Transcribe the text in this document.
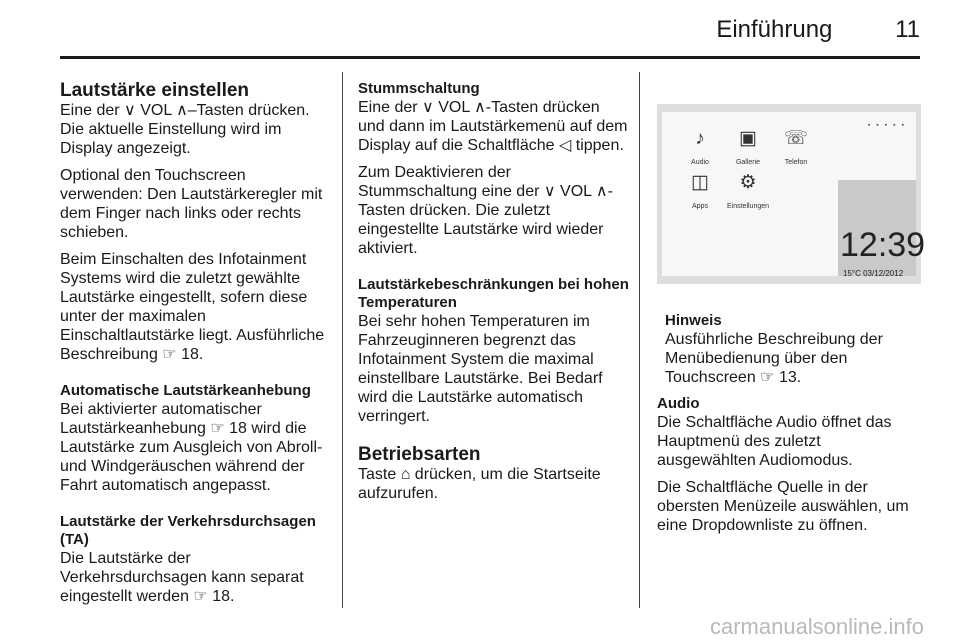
Einführung	11
Lautstärke einstellen

Eine der ∨ VOL ∧–Tasten drücken. Die aktuelle Einstellung wird im Display angezeigt.

Optional den Touchscreen verwenden: Den Lautstärkeregler mit dem Finger nach links oder rechts schieben.

Beim Einschalten des Infotainment Systems wird die zuletzt gewählte Lautstärke eingestellt, sofern diese unter der maximalen Einschaltlautstärke liegt. Ausführliche Beschreibung ☞ 18.

Automatische Lautstärkeanhebung

Bei aktivierter automatischer Lautstärkeanhebung ☞ 18 wird die Lautstärke zum Ausgleich von Abroll- und Windgeräuschen während der Fahrt automatisch angepasst.

Lautstärke der Verkehrsdurchsagen (TA)

Die Lautstärke der Verkehrsdurchsagen kann separat eingestellt werden ☞ 18.

Stummschaltung

Eine der ∨ VOL ∧-Tasten drücken und dann im Lautstärkemenü auf dem Display auf die Schaltfläche ◁ tippen.

Zum Deaktivieren der Stummschaltung eine der ∨ VOL ∧-Tasten drücken. Die zuletzt eingestellte Lautstärke wird wieder aktiviert.

Lautstärkebeschränkungen bei hohen Temperaturen

Bei sehr hohen Temperaturen im Fahrzeuginneren begrenzt das Infotainment System die maximal einstellbare Lautstärke. Bei Bedarf wird die Lautstärke automatisch verringert.

Betriebsarten

Taste ⌂ drücken, um die Startseite aufzurufen.

▪ ▪ ▪ ▪ ▪
♪
Audio
▣
Gallerie
☏
Telefon
◫
Apps
⚙
Einstellungen
12:39
15°C 03/12/2012
Hinweis

Ausführliche Beschreibung der Menübedienung über den Touchscreen ☞ 13.

Audio

Die Schaltfläche Audio öffnet das Hauptmenü des zuletzt ausgewählten Audiomodus.

Die Schaltfläche Quelle in der obersten Menüzeile auswählen, um eine Dropdownliste zu öffnen.

carmanualsonline.info
